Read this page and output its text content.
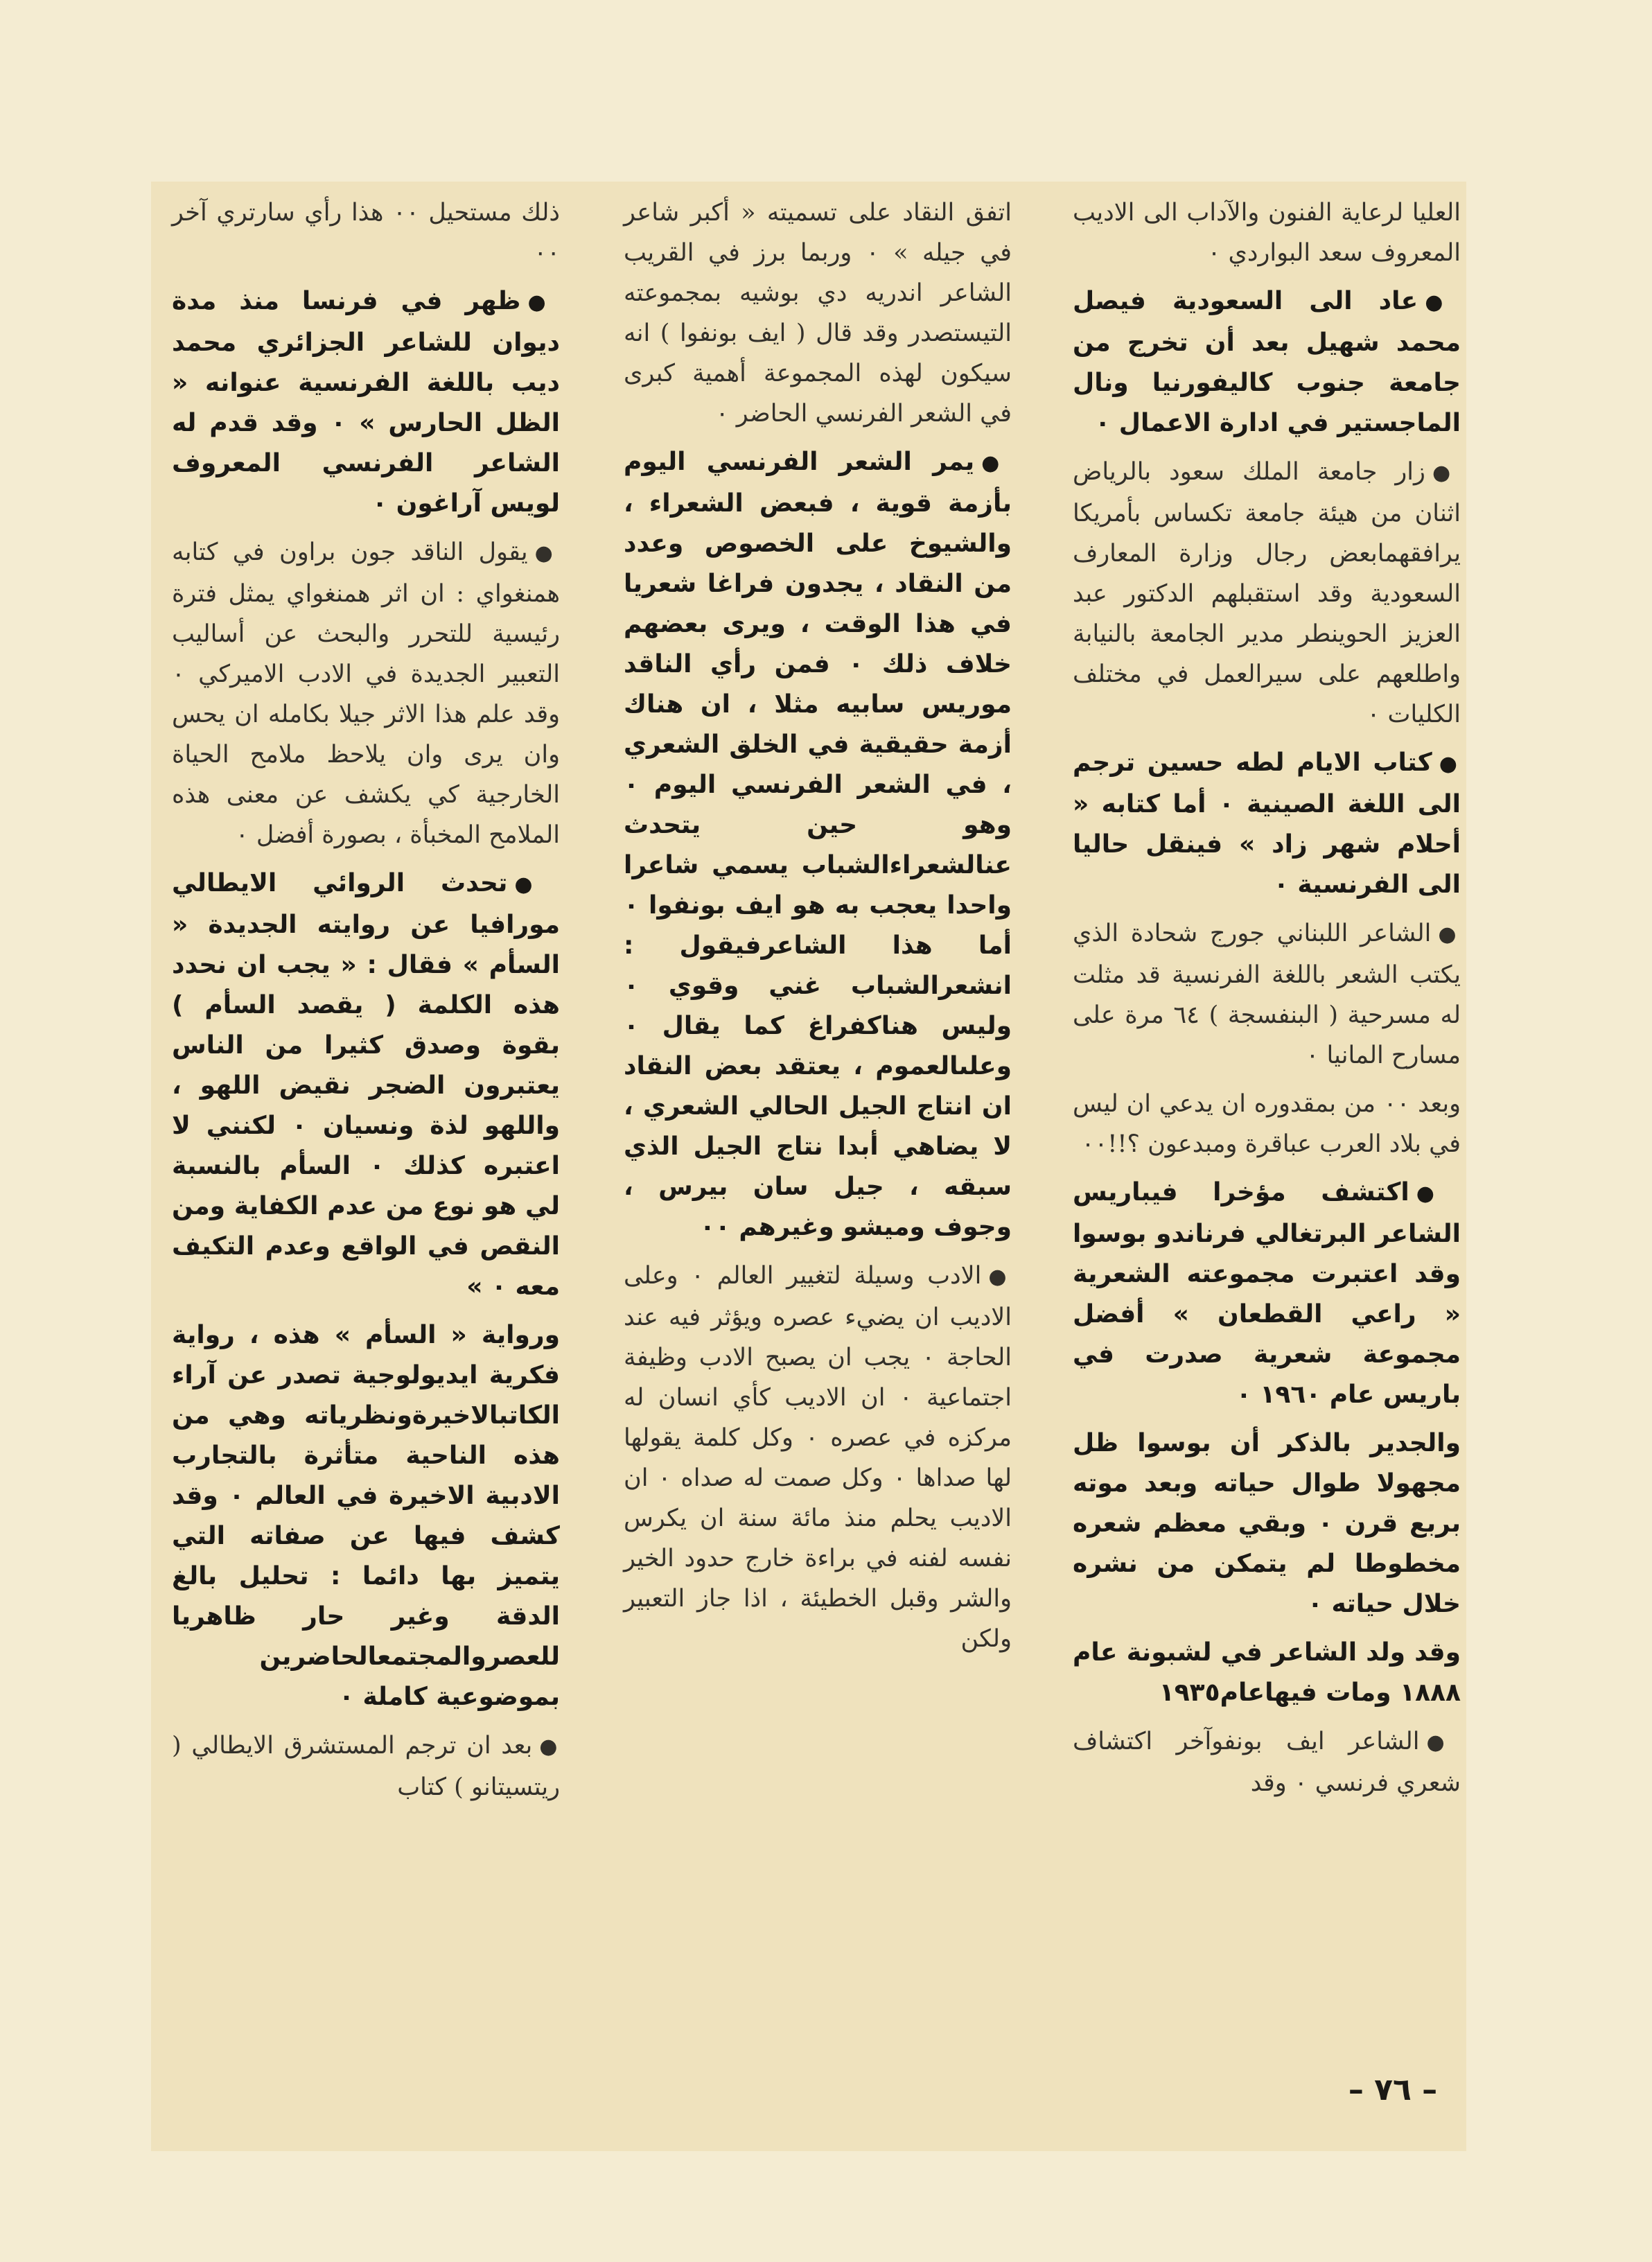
العليا لرعاية الفنون والآداب الى الاديب المعروف سعد البواردي ٠

●عاد الى السعودية فيصل محمد شهيل بعد أن تخرج من جامعة جنوب كاليفورنيا ونال الماجستير في ادارة الاعمال ٠

●زار جامعة الملك سعود بالرياض اثنان من هيئة جامعة تكساس بأمريكا يرافقهمابعض رجال وزارة المعارف السعودية وقد استقبلهم الدكتور عبد العزيز الحوينطر مدير الجامعة بالنيابة واطلعهم على سيرالعمل في مختلف الكليات ٠

●كتاب الايام لطه حسين ترجم الى اللغة الصينية ٠ أما كتابه « أحلام شهر زاد » فينقل حاليا الى الفرنسية ٠

●الشاعر اللبناني جورج شحادة الذي يكتب الشعر باللغة الفرنسية قد مثلت له مسرحية ( البنفسجة ) ٦٤ مرة على مسارح المانيا ٠

وبعد ٠٠ من بمقدوره ان يدعي ان ليس في بلاد العرب عباقرة ومبدعون ؟!!٠٠

●اكتشف مؤخرا فيباريس الشاعر البرتغالي فرناندو بوسوا وقد اعتبرت مجموعته الشعرية « راعي القطعان » أفضل مجموعة شعرية صدرت في باريس عام ١٩٦٠ ٠

والجدير بالذكر أن بوسوا ظل مجهولا طوال حياته وبعد موته بربع قرن ٠ وبقي معظم شعره مخطوطا لم يتمكن من نشره خلال حياته ٠

وقد ولد الشاعر في لشبونة عام ١٨٨٨ ومات فيهاعام١٩٣٥

●الشاعر ايف بونفوآخر اكتشاف شعري فرنسي ٠ وقد

اتفق النقاد على تسميته « أكبر شاعر في جيله » ٠ وربما برز في القريب الشاعر اندريه دي بوشيه بمجموعته التيستصدر وقد قال ( ايف بونفوا ) انه سيكون لهذه المجموعة أهمية كبرى في الشعر الفرنسي الحاضر ٠

●يمر الشعر الفرنسي اليوم بأزمة قوية ، فبعض الشعراء ، والشيوخ على الخصوص وعدد من النقاد ، يجدون فراغا شعريا في هذا الوقت ، ويرى بعضهم خلاف ذلك ٠ فمن رأي الناقد موريس سابيه مثلا ، ان هناك أزمة حقيقية في الخلق الشعري ، في الشعر الفرنسي اليوم ٠ وهو حين يتحدث عنالشعراءالشباب يسمي شاعرا واحدا يعجب به هو ايف بونفوا ٠ أما هذا الشاعرفيقول : انشعرالشباب غني وقوي ٠ وليس هناكفراغ كما يقال ٠ وعلىالعموم ، يعتقد بعض النقاد ان انتاج الجيل الحالي الشعري ، لا يضاهي أبدا نتاج الجيل الذي سبقه ، جيل سان بيرس ، وجوف وميشو وغيرهم ٠٠

●الادب وسيلة لتغيير العالم ٠ وعلى الاديب ان يضيء عصره ويؤثر فيه عند الحاجة ٠ يجب ان يصبح الادب وظيفة اجتماعية ٠ ان الاديب كأي انسان له مركزه في عصره ٠ وكل كلمة يقولها لها صداها ٠ وكل صمت له صداه ٠ ان الاديب يحلم منذ مائة سنة ان يكرس نفسه لفنه في براءة خارج حدود الخير والشر وقبل الخطيئة ، اذا جاز التعبير ولكن

ذلك مستحيل ٠٠ هذا رأي سارتري آخر ٠٠

●ظهر في فرنسا منذ مدة ديوان للشاعر الجزائري محمد ديب باللغة الفرنسية عنوانه « الظل الحارس » ٠ وقد قدم له الشاعر الفرنسي المعروف لويس آراغون ٠

●يقول الناقد جون براون في كتابه همنغواي : ان اثر همنغواي يمثل فترة رئيسية للتحرر والبحث عن أساليب التعبير الجديدة في الادب الاميركي ٠ وقد علم هذا الاثر جيلا بكامله ان يحس وان يرى وان يلاحظ ملامح الحياة الخارجية كي يكشف عن معنى هذه الملامح المخبأة ، بصورة أفضل ٠

●تحدث الروائي الايطالي مورافيا عن روايته الجديدة « السأم » فقال : « يجب ان نحدد هذه الكلمة ( يقصد السأم ) بقوة وصدق كثيرا من الناس يعتبرون الضجر نقيض اللهو ، واللهو لذة ونسيان ٠ لكنني لا اعتبره كذلك ٠ السأم بالنسبة لي هو نوع من عدم الكفاية ومن النقص في الواقع وعدم التكيف معه ٠ »

ورواية « السأم » هذه ، رواية فكرية ايديولوجية تصدر عن آراء الكاتبالاخيرةونظرياته وهي من هذه الناحية متأثرة بالتجارب الادبية الاخيرة في العالم ٠ وقد كشف فيها عن صفاته التي يتميز بها دائما : تحليل بالغ الدقة وغير حار ظاهريا للعصروالمجتمعالحاضرين بموضوعية كاملة ٠

●بعد ان ترجم المستشرق الايطالي ( ريتسيتانو ) كتاب

– ٧٦ –
